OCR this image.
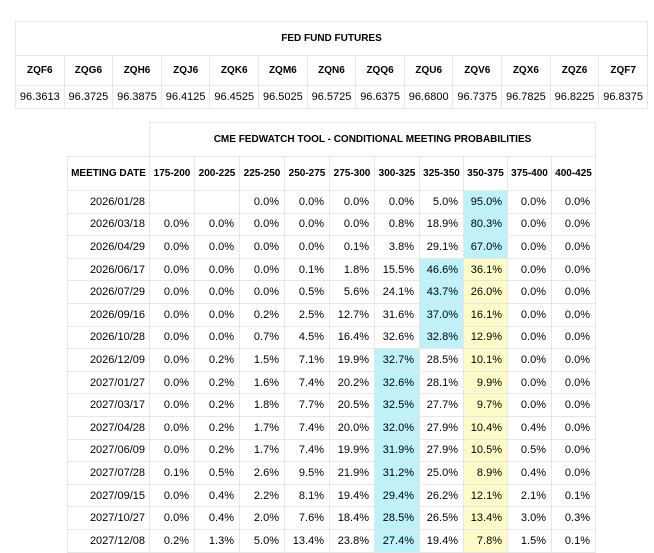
FED FUND FUTURES												
ZQF6	ZQG6	ZQH6	ZQJ6	ZQK6	ZQM6	ZQN6	ZQQ6	ZQU6	ZQV6	ZQX6	ZQZ6	ZQF7
96.3613	96.3725	96.3875	96.4125	96.4525	96.5025	96.5725	96.6375	96.6800	96.7375	96.7825	96.8225	96.8375
	CME FEDWATCH TOOL - CONDITIONAL MEETING PROBABILITIES									
MEETING DATE	175-200	200-225	225-250	250-275	275-300	300-325	325-350	350-375	375-400	400-425
2026/01/28			0.0%	0.0%	0.0%	0.0%	5.0%	95.0%	0.0%	0.0%
2026/03/18	0.0%	0.0%	0.0%	0.0%	0.0%	0.8%	18.9%	80.3%	0.0%	0.0%
2026/04/29	0.0%	0.0%	0.0%	0.0%	0.1%	3.8%	29.1%	67.0%	0.0%	0.0%
2026/06/17	0.0%	0.0%	0.0%	0.1%	1.8%	15.5%	46.6%	36.1%	0.0%	0.0%
2026/07/29	0.0%	0.0%	0.0%	0.5%	5.6%	24.1%	43.7%	26.0%	0.0%	0.0%
2026/09/16	0.0%	0.0%	0.2%	2.5%	12.7%	31.6%	37.0%	16.1%	0.0%	0.0%
2026/10/28	0.0%	0.0%	0.7%	4.5%	16.4%	32.6%	32.8%	12.9%	0.0%	0.0%
2026/12/09	0.0%	0.2%	1.5%	7.1%	19.9%	32.7%	28.5%	10.1%	0.0%	0.0%
2027/01/27	0.0%	0.2%	1.6%	7.4%	20.2%	32.6%	28.1%	9.9%	0.0%	0.0%
2027/03/17	0.0%	0.2%	1.8%	7.7%	20.5%	32.5%	27.7%	9.7%	0.0%	0.0%
2027/04/28	0.0%	0.2%	1.7%	7.4%	20.0%	32.0%	27.9%	10.4%	0.4%	0.0%
2027/06/09	0.0%	0.2%	1.7%	7.4%	19.9%	31.9%	27.9%	10.5%	0.5%	0.0%
2027/07/28	0.1%	0.5%	2.6%	9.5%	21.9%	31.2%	25.0%	8.9%	0.4%	0.0%
2027/09/15	0.0%	0.4%	2.2%	8.1%	19.4%	29.4%	26.2%	12.1%	2.1%	0.1%
2027/10/27	0.0%	0.4%	2.0%	7.6%	18.4%	28.5%	26.5%	13.4%	3.0%	0.3%
2027/12/08	0.2%	1.3%	5.0%	13.4%	23.8%	27.4%	19.4%	7.8%	1.5%	0.1%
